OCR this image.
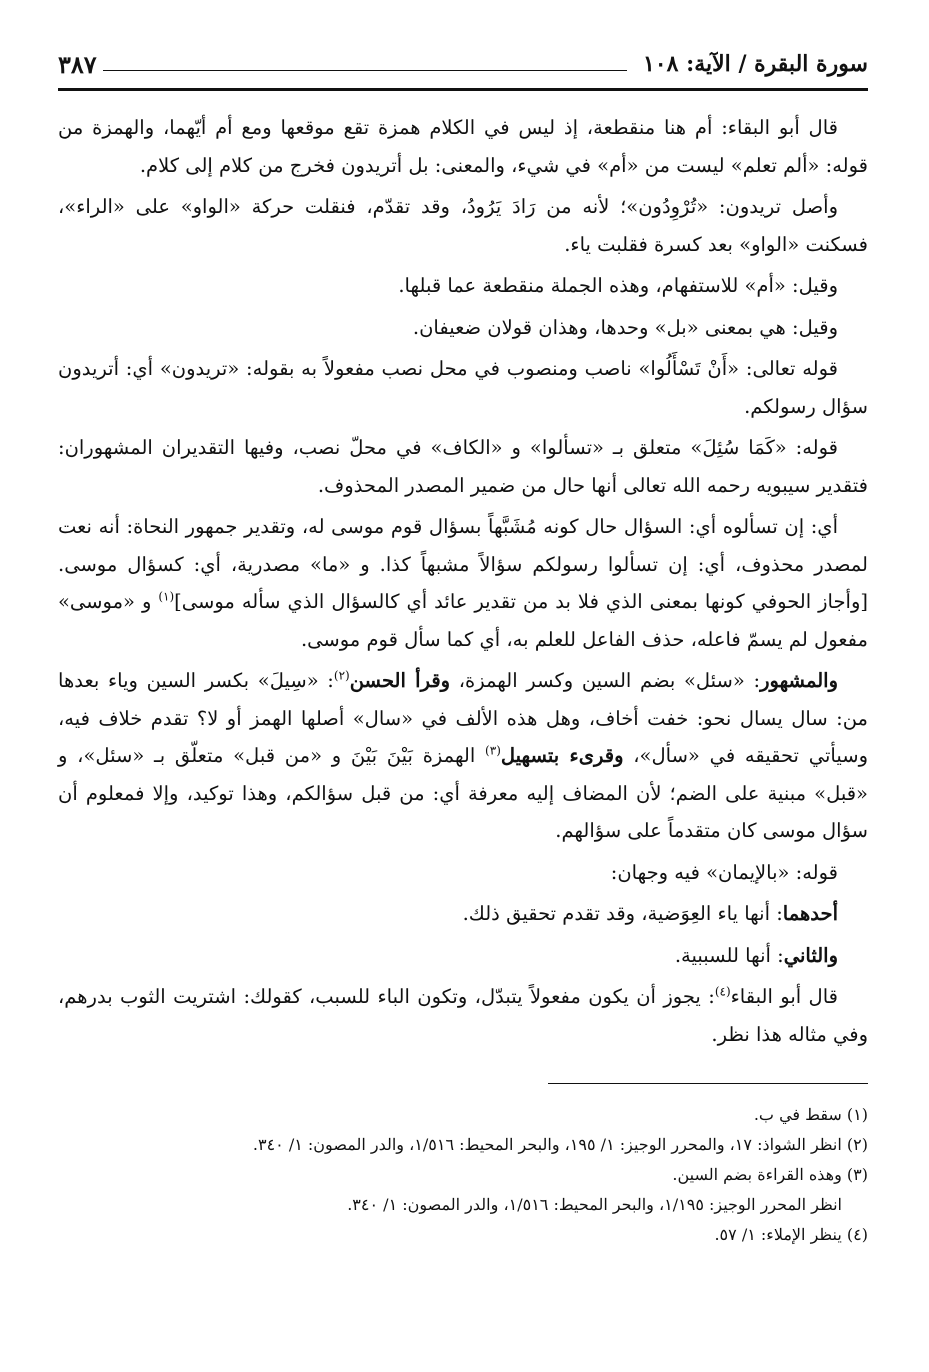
سورة البقرة / الآية: ١٠٨
٣٨٧

قال أبو البقاء: أم هنا منقطعة، إذ ليس في الكلام همزة تقع موقعها ومع أم أيّهما، والهمزة من قوله: «ألم تعلم» ليست من «أم» في شيء، والمعنى: بل أتريدون فخرج من كلام إلى كلام.

وأصل تريدون: «تُرْوِدُون»؛ لأنه من رَادَ يَرُودُ، وقد تقدّم، فنقلت حركة «الواو» على «الراء»، فسكنت «الواو» بعد كسرة فقلبت ياء.

وقيل: «أم» للاستفهام، وهذه الجملة منقطعة عما قبلها.

وقيل: هي بمعنى «بل» وحدها، وهذان قولان ضعيفان.

قوله تعالى: «أَنْ تَسْأَلُوا» ناصب ومنصوب في محل نصب مفعولاً به بقوله: «تريدون» أي: أتريدون سؤال رسولكم.

قوله: «كَمَا سُئِلَ» متعلق بـ «تسألوا» و «الكاف» في محلّ نصب، وفيها التقديران المشهوران: فتقدير سيبويه رحمه الله تعالى أنها حال من ضمير المصدر المحذوف.

أي: إن تسألوه أي: السؤال حال كونه مُشَبَّهاً بسؤال قوم موسى له، وتقدير جمهور النحاة: أنه نعت لمصدر محذوف، أي: إن تسألوا رسولكم سؤالاً مشبهاً كذا. و «ما» مصدرية، أي: كسؤال موسى. [وأجاز الحوفي كونها بمعنى الذي فلا بد من تقدير عائد أي كالسؤال الذي سأله موسى]$^{(١)}$ و «موسى» مفعول لم يسمّ فاعله، حذف الفاعل للعلم به، أي كما سأل قوم موسى.

والمشهور: «سئل» بضم السين وكسر الهمزة، وقرأ الحسن$^{(٢)}$: «سِيلَ» بكسر السين وياء بعدها من: سال يسال نحو: خفت أخاف، وهل هذه الألف في «سال» أصلها الهمز أو لا؟ تقدم خلاف فيه، وسيأتي تحقيقه في «سأل»، وقرىء بتسهيل$^{(٣)}$ الهمزة بَيْنَ بَيْنَ و «من قبل» متعلّق بـ «سئل»، و «قبل» مبنية على الضم؛ لأن المضاف إليه معرفة أي: من قبل سؤالكم، وهذا توكيد، وإلا فمعلوم أن سؤال موسى كان متقدماً على سؤالهم.

قوله: «بالإيمان» فيه وجهان:

أحدهما: أنها ياء العِوَضية، وقد تقدم تحقيق ذلك.

والثاني: أنها للسببية.

قال أبو البقاء$^{(٤)}$: يجوز أن يكون مفعولاً يتبدّل، وتكون الباء للسبب، كقولك: اشتريت الثوب بدرهم، وفي مثاله هذا نظر.

(١) سقط في ب.
(٢) انظر الشواذ: ١٧، والمحرر الوجيز: ١/ ١٩٥، والبحر المحيط: ١/٥١٦، والدر المصون: ١/ ٣٤٠.
(٣) وهذه القراءة بضم السين.
انظر المحرر الوجيز: ١/١٩٥، والبحر المحيط: ١/٥١٦، والدر المصون: ١/ ٣٤٠.
(٤) ينظر الإملاء: ١/ ٥٧.
